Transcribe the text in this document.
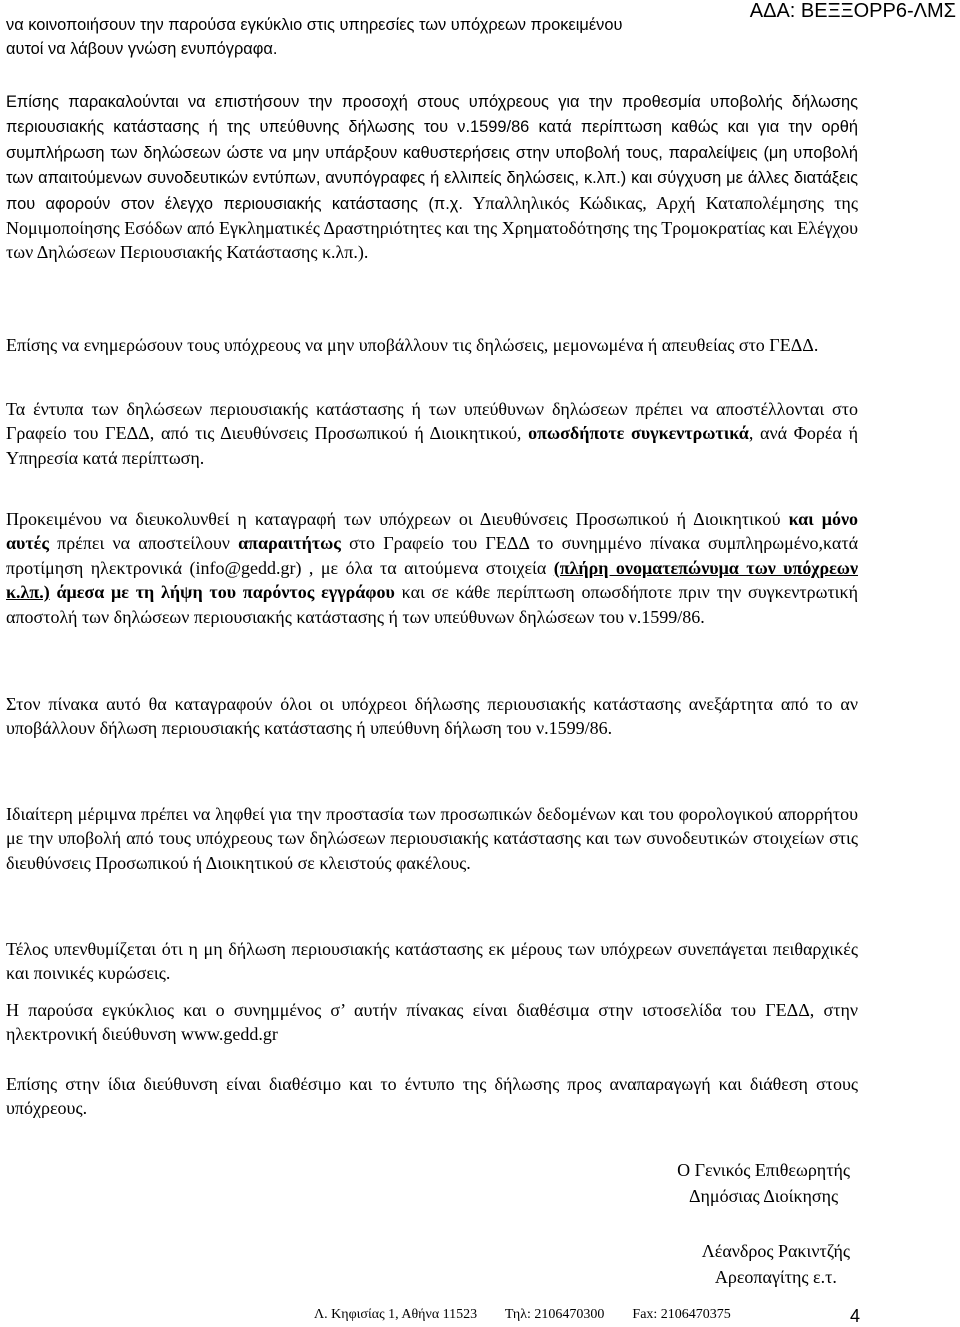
ΑΔΑ: ΒΕΞΞΟΡΡ6-ΛΜΣ

να κοινοποιήσουν την παρούσα εγκύκλιο στις υπηρεσίες των υπόχρεων προκειμένου

αυτοί να λάβουν γνώση ενυπόγραφα.

Επίσης παρακαλούνται να επιστήσουν την προσοχή στους υπόχρεους για την προθεσμία υποβολής δήλωσης περιουσιακής κατάστασης ή της υπεύθυνης δήλωσης του ν.1599/86 κατά περίπτωση καθώς και για την ορθή συμπλήρωση των δηλώσεων ώστε να μην υπάρξουν καθυστερήσεις στην υποβολή τους, παραλείψεις (μη υποβολή των απαιτούμενων συνοδευτικών εντύπων, ανυπόγραφες ή ελλιπείς δηλώσεις, κ.λπ.) και σύγχυση με άλλες διατάξεις που αφορούν στον έλεγχο περιουσιακής κατάστασης (π.χ. Υπαλληλικός Κώδικας, Αρχή Καταπολέμησης της Νομιμοποίησης Εσόδων από Εγκληματικές Δραστηριότητες και της Χρηματοδότησης της Τρομοκρατίας και Ελέγχου των Δηλώσεων Περιουσιακής Κατάστασης κ.λπ.).

Επίσης να ενημερώσουν τους υπόχρεους να μην υποβάλλουν τις δηλώσεις, μεμονωμένα ή απευθείας στο ΓΕΔΔ.

Τα έντυπα των δηλώσεων περιουσιακής κατάστασης ή των υπεύθυνων δηλώσεων πρέπει να αποστέλλονται στο Γραφείο του ΓΕΔΔ, από τις Διευθύνσεις Προσωπικού ή Διοικητικού, οπωσδήποτε συγκεντρωτικά, ανά Φορέα ή Υπηρεσία κατά περίπτωση.

Προκειμένου να διευκολυνθεί η καταγραφή των υπόχρεων οι Διευθύνσεις Προσωπικού ή Διοικητικού και μόνο αυτές πρέπει να αποστείλουν απαραιτήτως στο Γραφείο του ΓΕΔΔ το συνημμένο πίνακα συμπληρωμένο,κατά προτίμηση ηλεκτρονικά (info@gedd.gr) , με όλα τα αιτούμενα στοιχεία (πλήρη ονοματεπώνυμα των υπόχρεων κ.λπ.) άμεσα με τη λήψη του παρόντος εγγράφου και σε κάθε περίπτωση οπωσδήποτε πριν την συγκεντρωτική αποστολή των δηλώσεων περιουσιακής κατάστασης ή των υπεύθυνων δηλώσεων του ν.1599/86.

Στον πίνακα αυτό θα καταγραφούν όλοι οι υπόχρεοι δήλωσης περιουσιακής κατάστασης ανεξάρτητα από το αν υποβάλλουν δήλωση περιουσιακής κατάστασης ή υπεύθυνη δήλωση του ν.1599/86.

Ιδιαίτερη μέριμνα πρέπει να ληφθεί για την προστασία των προσωπικών δεδομένων και του φορολογικού απορρήτου με την υποβολή από τους υπόχρεους των δηλώσεων περιουσιακής κατάστασης και των συνοδευτικών στοιχείων στις διευθύνσεις Προσωπικού ή Διοικητικού σε κλειστούς φακέλους.

Τέλος υπενθυμίζεται ότι η μη δήλωση περιουσιακής κατάστασης εκ μέρους των υπόχρεων συνεπάγεται πειθαρχικές και ποινικές κυρώσεις.

Η παρούσα εγκύκλιος και ο συνημμένος σ’ αυτήν πίνακας είναι διαθέσιμα στην ιστοσελίδα του ΓΕΔΔ, στην ηλεκτρονική διεύθυνση www.gedd.gr

Επίσης στην ίδια διεύθυνση είναι διαθέσιμο και το έντυπο της δήλωσης προς αναπαραγωγή και διάθεση στους υπόχρεους.

Ο Γενικός Επιθεωρητής
Δημόσιας Διοίκησης
Λέανδρος Ρακιντζής
Αρεοπαγίτης ε.τ.
Λ. Κηφισίας 1, Αθήνα 11523 Τηλ: 2106470300 Fax: 2106470375	4
